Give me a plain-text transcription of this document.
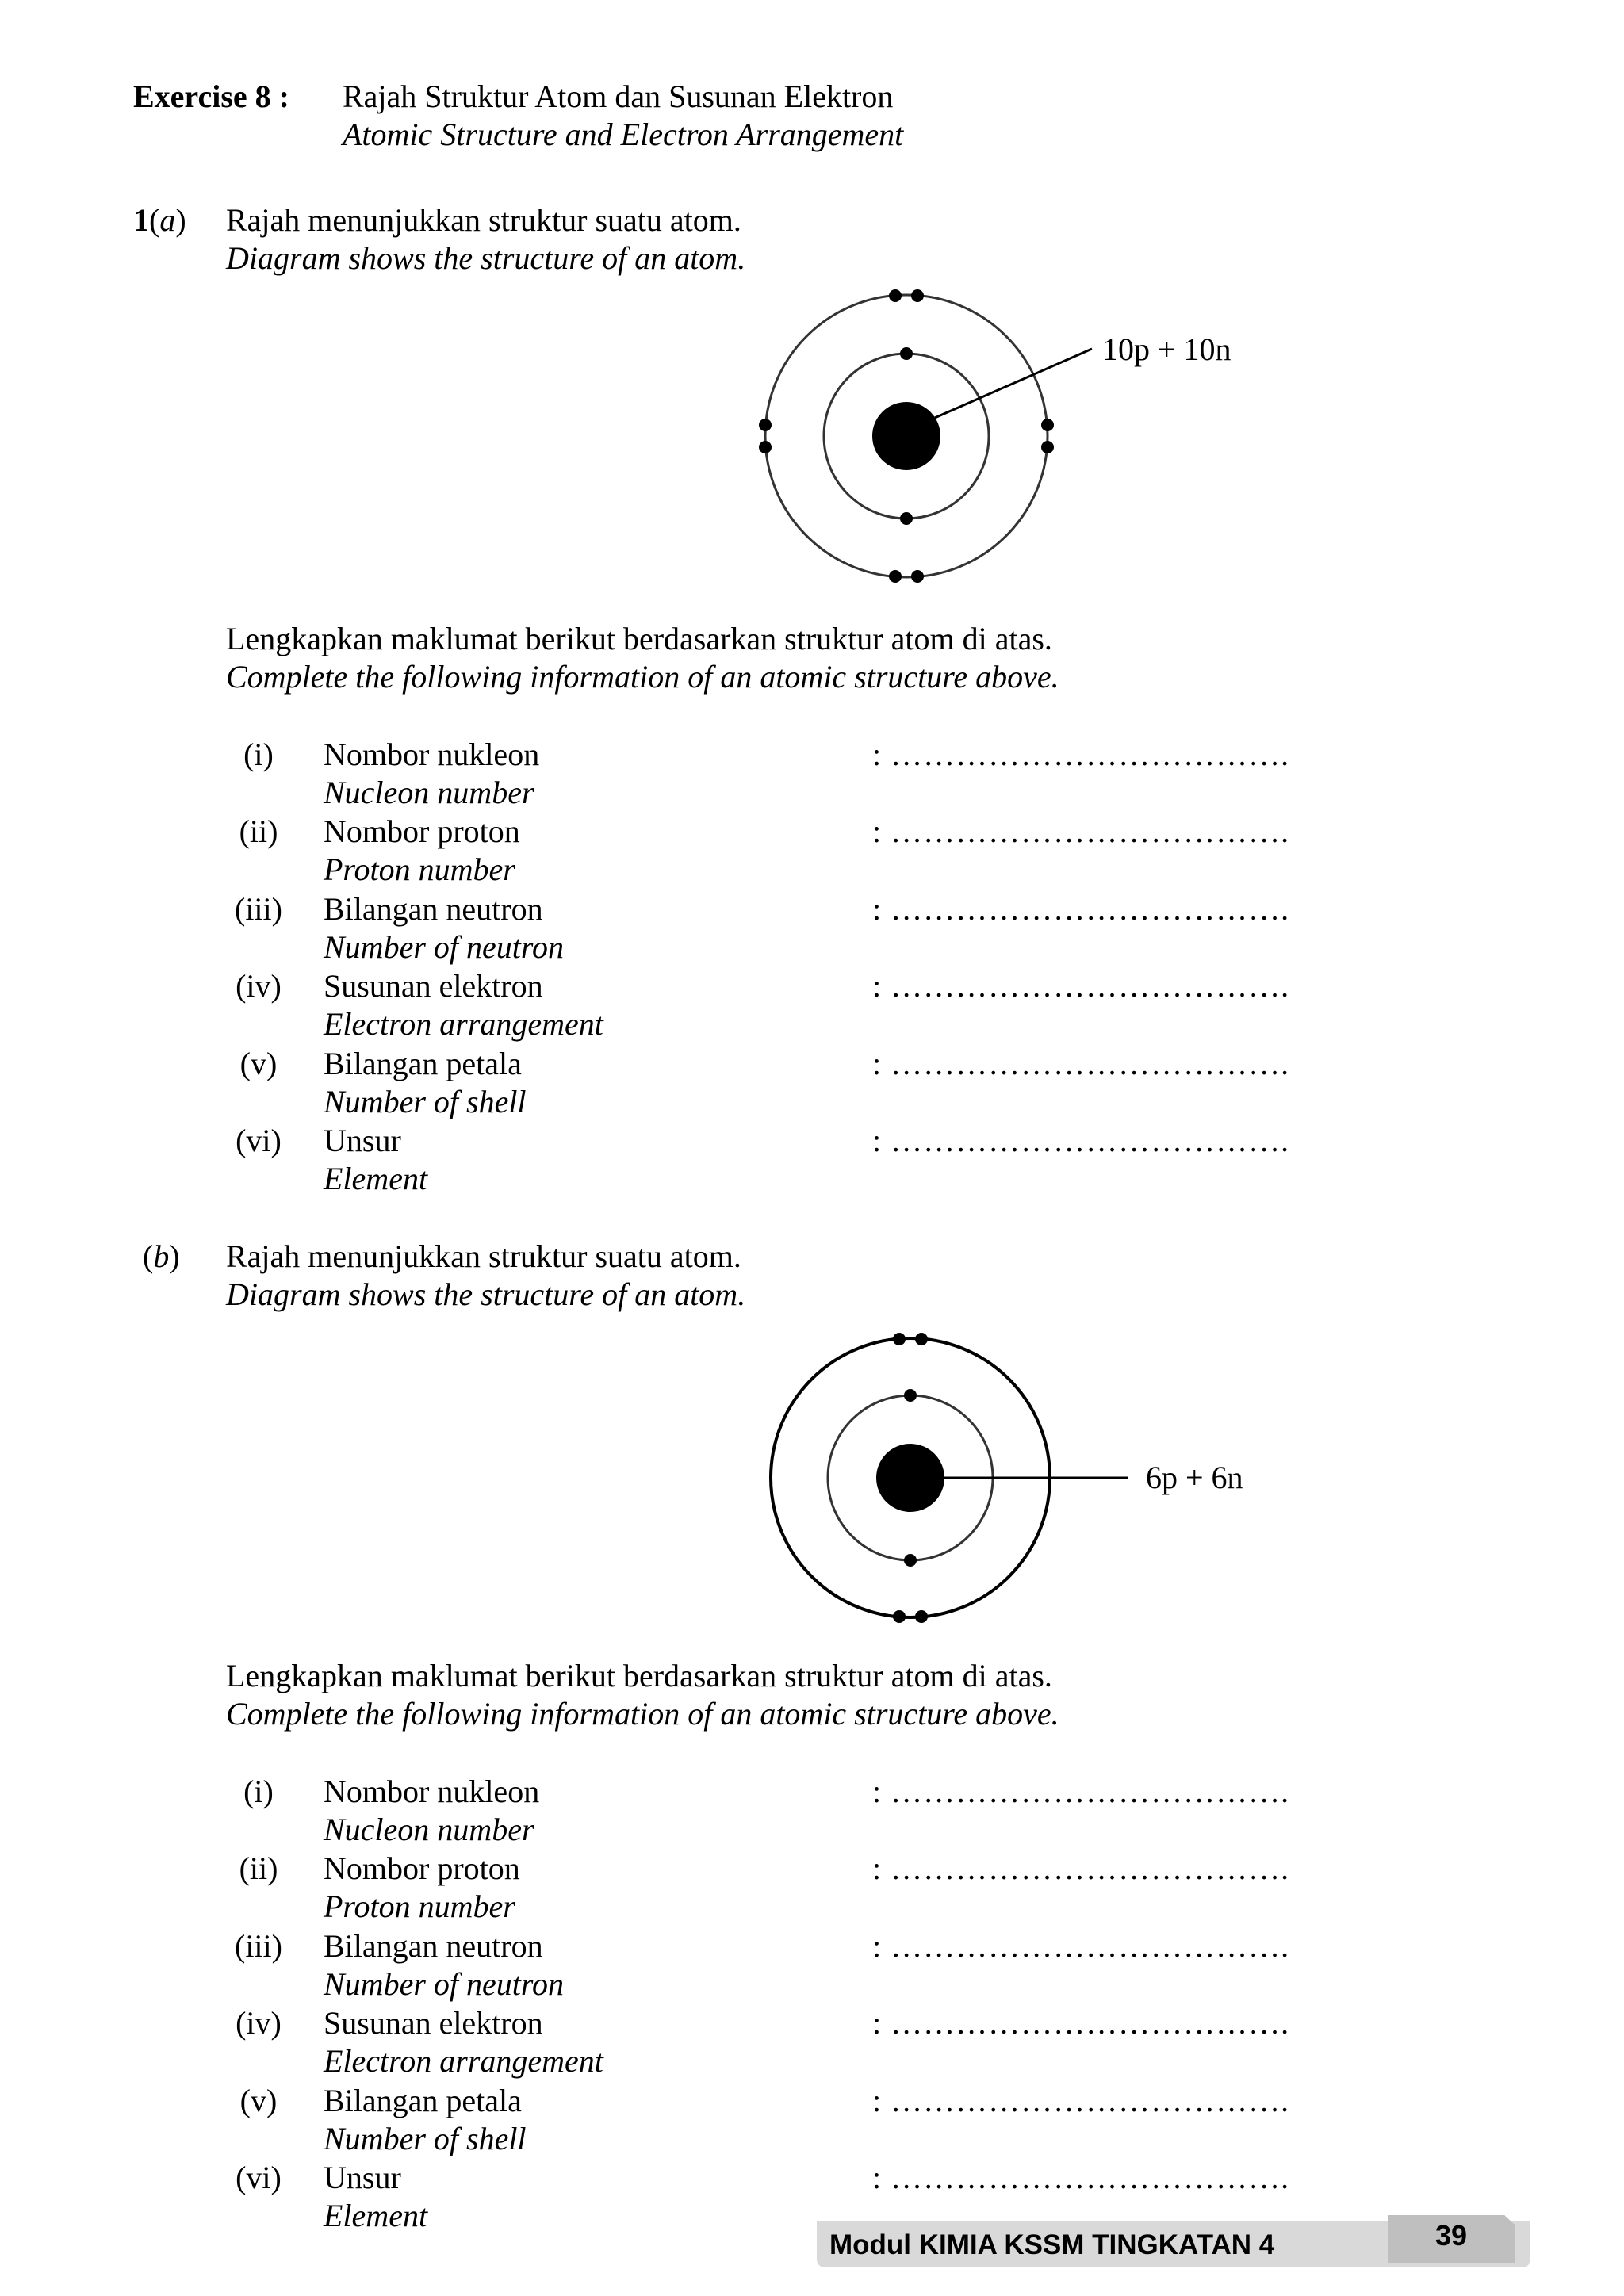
Exercise 8 : Rajah Struktur Atom dan Susunan Elektron
Atomic Structure and Electron Arrangement
1(a) Rajah menunjukkan struktur suatu atom.
Diagram shows the structure of an atom.
10p + 10n
Lengkapkan maklumat berikut berdasarkan struktur atom di atas.
Complete the following information of an atomic structure above.
(i)	Nombor nukleon
Nucleon number
: ……………………………….
(ii)	Nombor proton
Proton number
: ……………………………….
(iii) Bilangan neutron
Number of neutron
: ……………………………….
(iv) Susunan elektron
Electron arrangement
: ……………………………….
(v)	Bilangan petala
Number of shell
: ……………………………….
(vi) Unsur
Element
: ……………………………….
(b) Rajah menunjukkan struktur suatu atom.
Diagram shows the structure of an atom.
6p + 6n
Lengkapkan maklumat berikut berdasarkan struktur atom di atas.
Complete the following information of an atomic structure above.
(i)	Nombor nukleon
Nucleon number
: ……………………………….
(ii)	Nombor proton
Proton number
: ……………………………….
(iii) Bilangan neutron
Number of neutron
: ……………………………….
(iv) Susunan elektron
Electron arrangement
: ……………………………….
(v)	Bilangan petala
Number of shell
: ……………………………….
(vi) Unsur
Element
: ……………………………….
Modul KIMIA KSSM TINGKATAN 4	39
